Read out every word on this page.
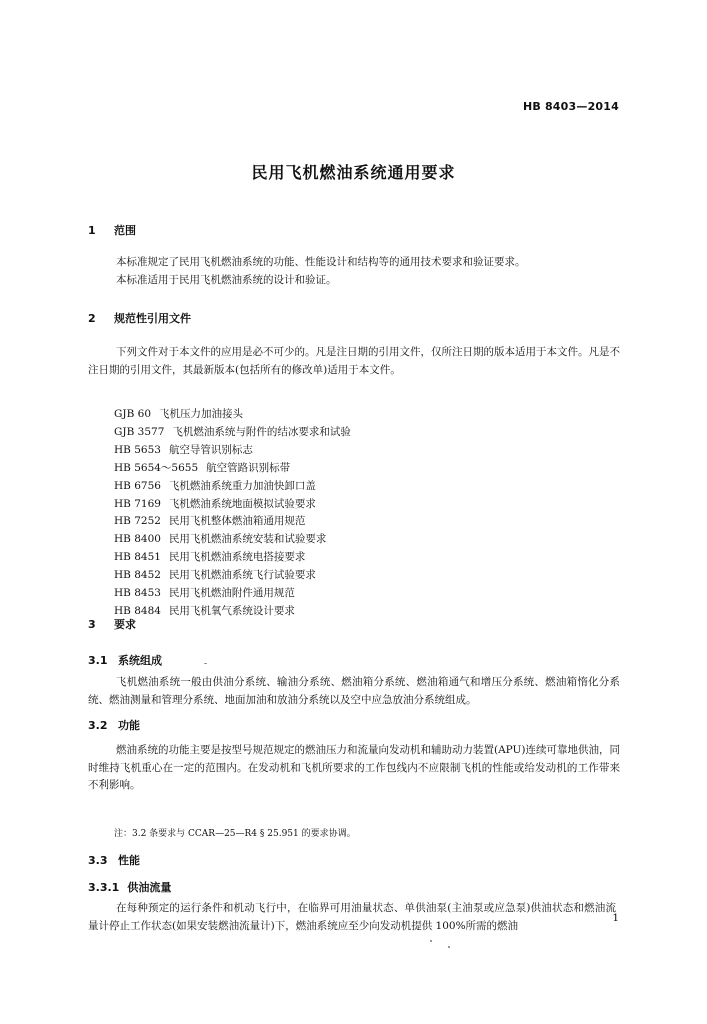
HB 8403—2014
民用飞机燃油系统通用要求
1 范围
本标准规定了民用飞机燃油系统的功能、性能设计和结构等的通用技术要求和验证要求。
本标准适用于民用飞机燃油系统的设计和验证。
2 规范性引用文件
下列文件对于本文件的应用是必不可少的。凡是注日期的引用文件，仅所注日期的版本适用于本文件。凡是不注日期的引用文件，其最新版本(包括所有的修改单)适用于本文件。
GJB 60 飞机压力加油接头
GJB 3577 飞机燃油系统与附件的结冰要求和试验
HB 5653 航空导管识别标志
HB 5654～5655 航空管路识别标带
HB 6756 飞机燃油系统重力加油快卸口盖
HB 7169 飞机燃油系统地面模拟试验要求
HB 7252 民用飞机整体燃油箱通用规范
HB 8400 民用飞机燃油系统安装和试验要求
HB 8451 民用飞机燃油系统电搭接要求
HB 8452 民用飞机燃油系统飞行试验要求
HB 8453 民用飞机燃油附件通用规范
HB 8484 民用飞机氧气系统设计要求
3 要求
3.1 系统组成
飞机燃油系统一般由供油分系统、输油分系统、燃油箱分系统、燃油箱通气和增压分系统、燃油箱惰化分系统、燃油测量和管理分系统、地面加油和放油分系统以及空中应急放油分系统组成。
3.2 功能
燃油系统的功能主要是按型号规范规定的燃油压力和流量向发动机和辅助动力装置(APU)连续可靠地供油，同时维持飞机重心在一定的范围内。在发动机和飞机所要求的工作包线内不应限制飞机的性能或给发动机的工作带来不利影响。
注：3.2 条要求与 CCAR—25—R4 § 25.951 的要求协调。
3.3 性能
3.3.1 供油流量
在每种预定的运行条件和机动飞行中，在临界可用油量状态、单供油泵(主油泵或应急泵)供油状态和燃油流量计停止工作状态(如果安装燃油流量计)下，燃油系统应至少向发动机提供 100%所需的燃油
1
